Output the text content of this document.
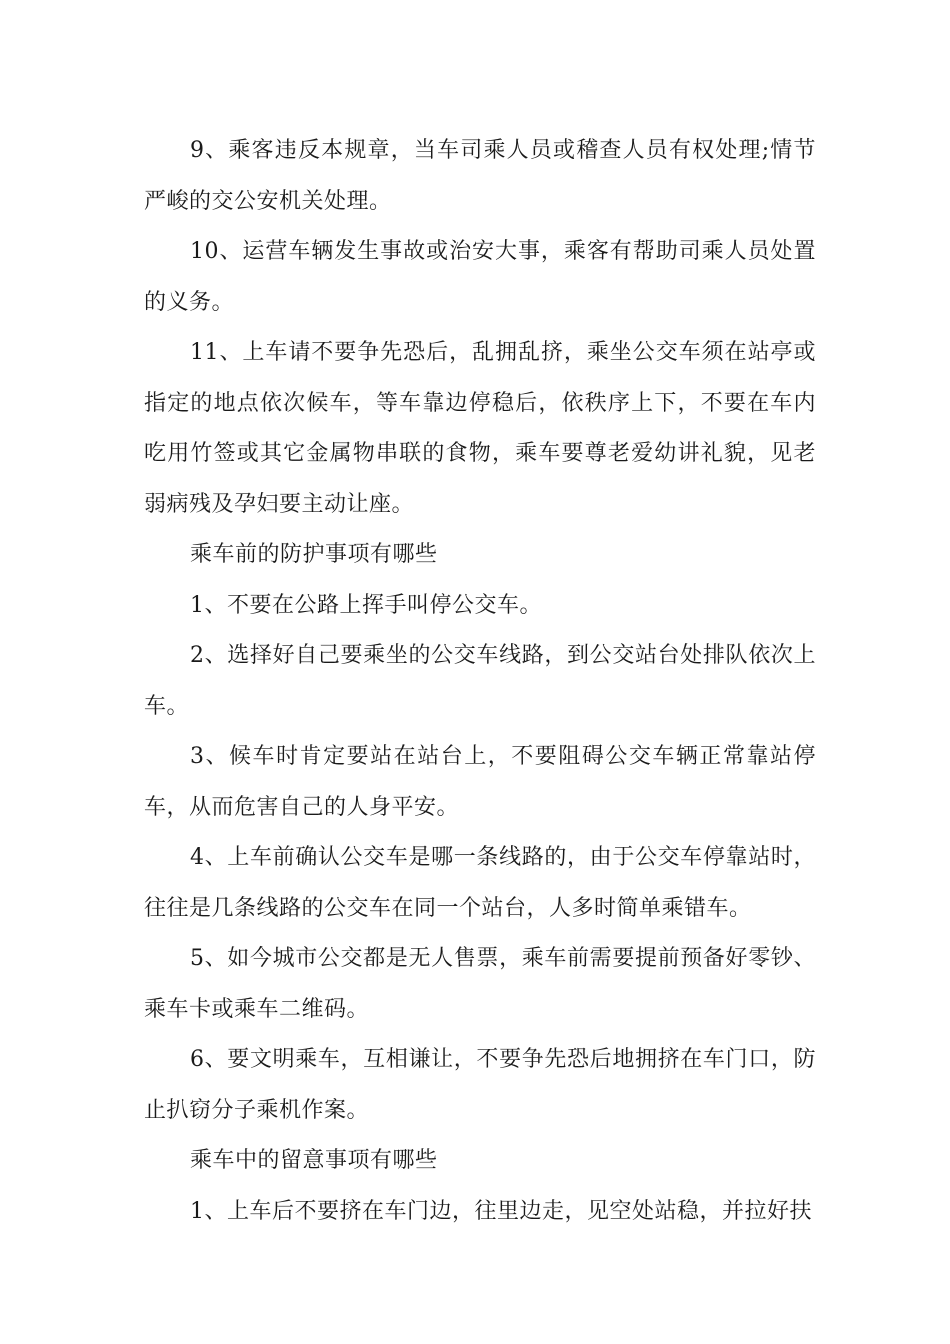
9、乘客违反本规章，当车司乘人员或稽查人员有权处理;情节严峻的交公安机关处理。

10、运营车辆发生事故或治安大事，乘客有帮助司乘人员处置的义务。

11、上车请不要争先恐后，乱拥乱挤，乘坐公交车须在站亭或指定的地点依次候车，等车靠边停稳后，依秩序上下，不要在车内吃用竹签或其它金属物串联的食物，乘车要尊老爱幼讲礼貌，见老弱病残及孕妇要主动让座。

乘车前的防护事项有哪些

1、不要在公路上挥手叫停公交车。

2、选择好自己要乘坐的公交车线路，到公交站台处排队依次上车。

3、候车时肯定要站在站台上，不要阻碍公交车辆正常靠站停车，从而危害自己的人身平安。

4、上车前确认公交车是哪一条线路的，由于公交车停靠站时，往往是几条线路的公交车在同一个站台，人多时简单乘错车。

5、如今城市公交都是无人售票，乘车前需要提前预备好零钞、乘车卡或乘车二维码。

6、要文明乘车，互相谦让，不要争先恐后地拥挤在车门口，防止扒窃分子乘机作案。

乘车中的留意事项有哪些

1、上车后不要挤在车门边，往里边走，见空处站稳，并拉好扶
